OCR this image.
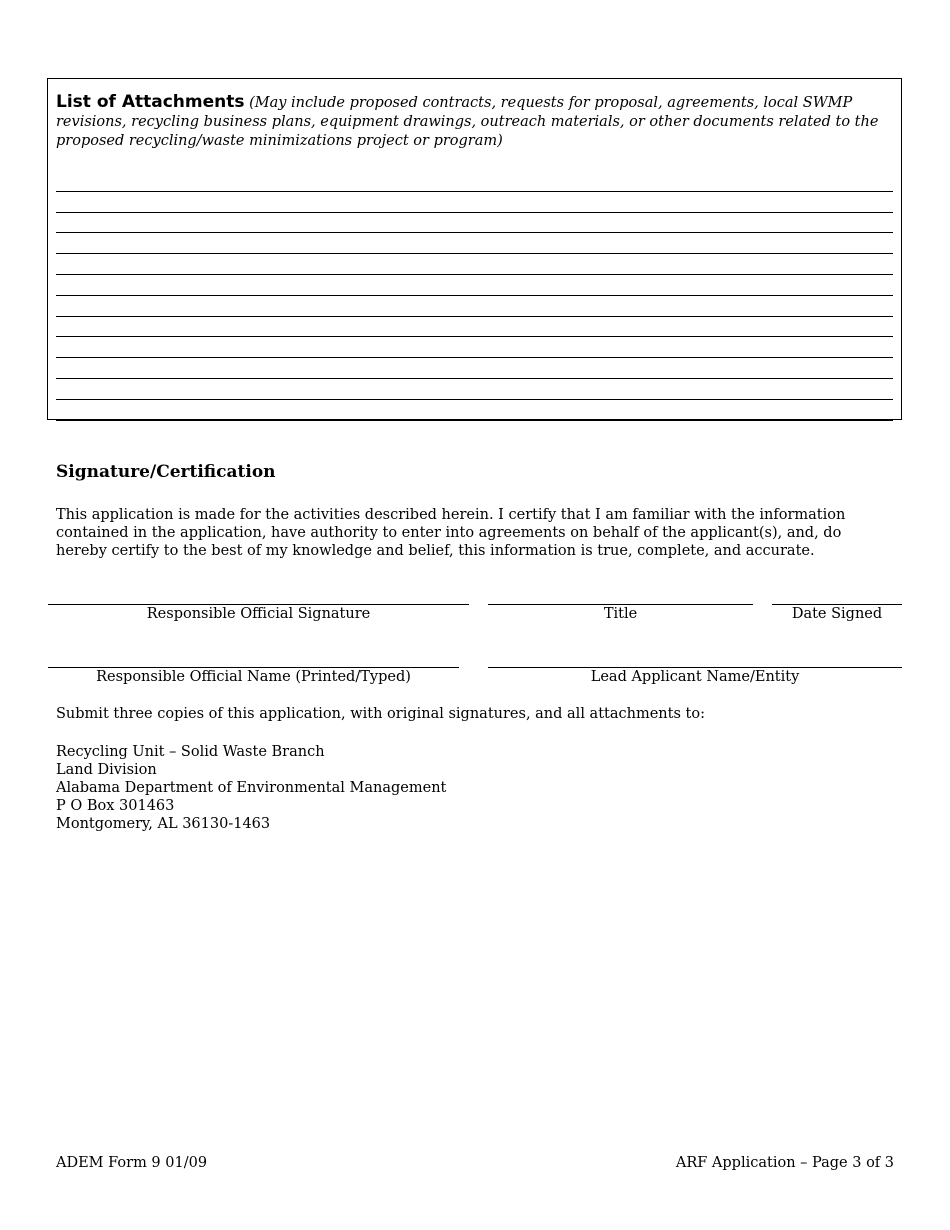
List of Attachments (May include proposed contracts, requests for proposal, agreements, local SWMP revisions, recycling business plans, equipment drawings, outreach materials, or other documents related to the proposed recycling/waste minimizations project or program)
Signature/Certification
This application is made for the activities described herein. I certify that I am familiar with the information contained in the application, have authority to enter into agreements on behalf of the applicant(s), and, do hereby certify to the best of my knowledge and belief, this information is true, complete, and accurate.
Responsible Official Signature	Title	Date Signed
Responsible Official Name (Printed/Typed)	Lead Applicant Name/Entity
Submit three copies of this application, with original signatures, and all attachments to:
Recycling Unit – Solid Waste Branch
Land Division
Alabama Department of Environmental Management
P O Box 301463
Montgomery, AL 36130-1463
ADEM Form 9 01/09	ARF Application – Page 3 of 3
